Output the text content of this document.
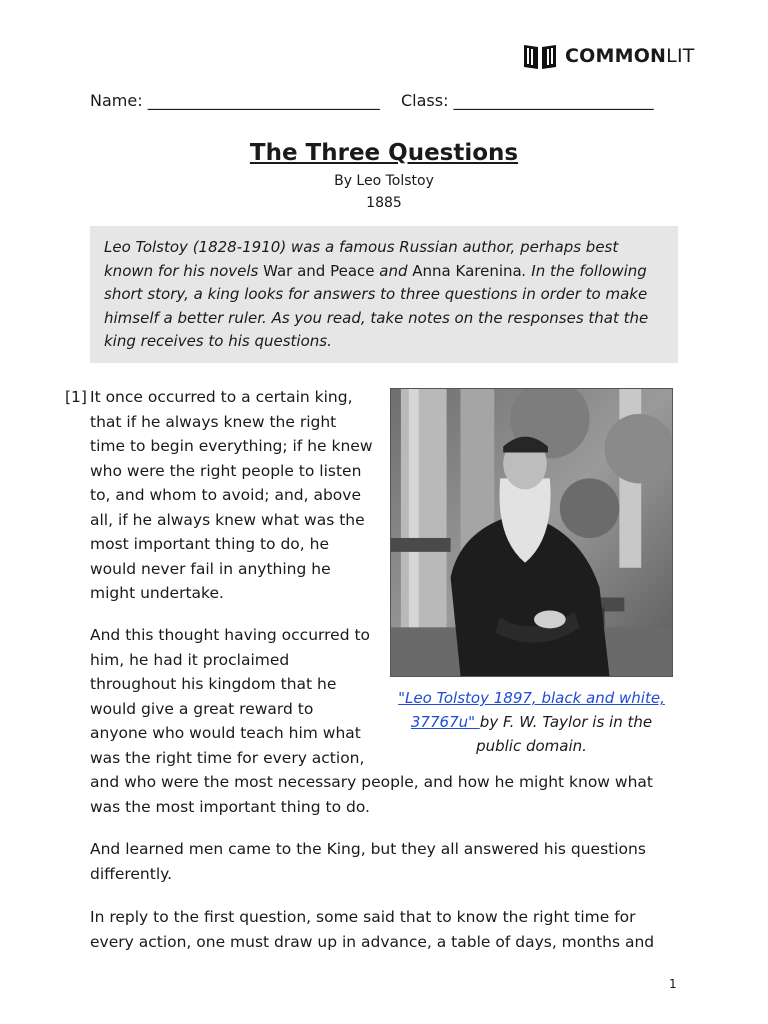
COMMONLIT
Name: _____________________________ Class: _________________________
The Three Questions
By Leo Tolstoy
1885
Leo Tolstoy (1828-1910) was a famous Russian author, perhaps best known for his novels War and Peace and Anna Karenina. In the following short story, a king looks for answers to three questions in order to make himself a better ruler. As you read, take notes on the responses that the king receives to his questions.
[1] It once occurred to a certain king,
that if he always knew the right
time to begin everything; if he knew
who were the right people to listen
to, and whom to avoid; and, above
all, if he always knew what was the
most important thing to do, he
would never fail in anything he
might undertake.
And this thought having occurred to
him, he had it proclaimed
throughout his kingdom that he
would give a great reward to
anyone who would teach him what
was the right time for every action,
and who were the most necessary people, and how he might know what
was the most important thing to do.
And learned men came to the King, but they all answered his questions
differently.
In reply to the first question, some said that to know the right time for
every action, one must draw up in advance, a table of days, months and
"Leo Tolstoy 1897, black and white,
37767u" by F. W. Taylor is in the
public domain.
1
